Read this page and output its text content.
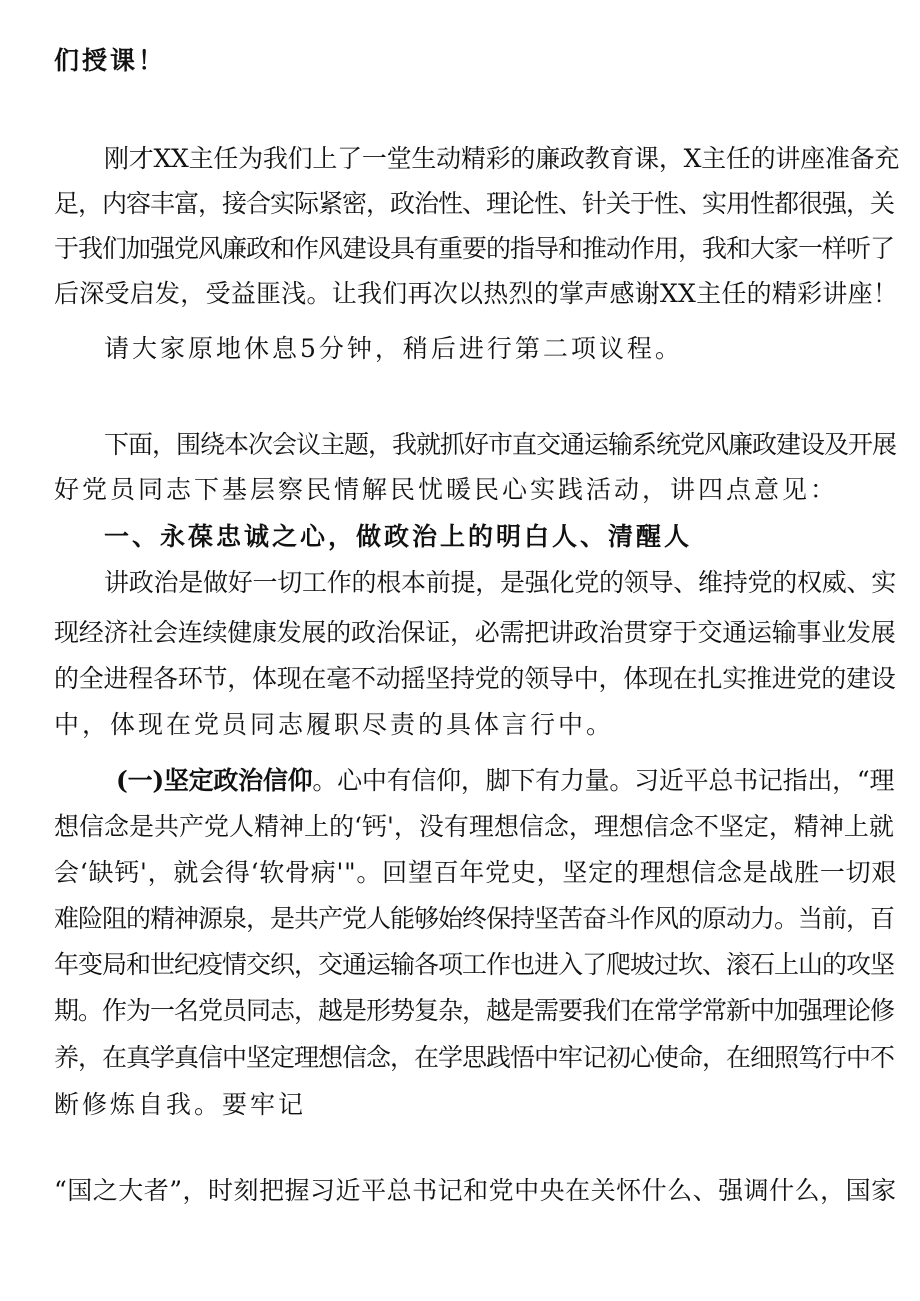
们授课！
刚才XX主任为我们上了一堂生动精彩的廉政教育课，X主任的讲座准备充
足，内容丰富，接合实际紧密，政治性、理论性、针关于性、实用性都很强，关
于我们加强党风廉政和作风建设具有重要的指导和推动作用，我和大家一样听了
后深受启发，受益匪浅。让我们再次以热烈的掌声感谢XX主任的精彩讲座！
请大家原地休息5分钟，稍后进行第二项议程。
下面，围绕本次会议主题，我就抓好市直交通运输系统党风廉政建设及开展
好党员同志下基层察民情解民忧暖民心实践活动，讲四点意见：
一、永葆忠诚之心，做政治上的明白人、清醒人
讲政治是做好一切工作的根本前提，是强化党的领导、维持党的权威、实
现经济社会连续健康发展的政治保证，必需把讲政治贯穿于交通运输事业发展
的全进程各环节，体现在毫不动摇坚持党的领导中，体现在扎实推进党的建设
中，体现在党员同志履职尽责的具体言行中。
(一)坚定政治信仰。心中有信仰，脚下有力量。习近平总书记指出，“理
想信念是共产党人精神上的‘钙'，没有理想信念，理想信念不坚定，精神上就
会‘缺钙'，就会得‘软骨病'"。回望百年党史，坚定的理想信念是战胜一切艰
难险阻的精神源泉，是共产党人能够始终保持坚苦奋斗作风的原动力。当前，百
年变局和世纪疫情交织，交通运输各项工作也进入了爬坡过坎、滚石上山的攻坚
期。作为一名党员同志，越是形势复杂，越是需要我们在常学常新中加强理论修
养，在真学真信中坚定理想信念，在学思践悟中牢记初心使命，在细照笃行中不
断修炼自我。要牢记
“国之大者”，时刻把握习近平总书记和党中央在关怀什么、强调什么，国家
